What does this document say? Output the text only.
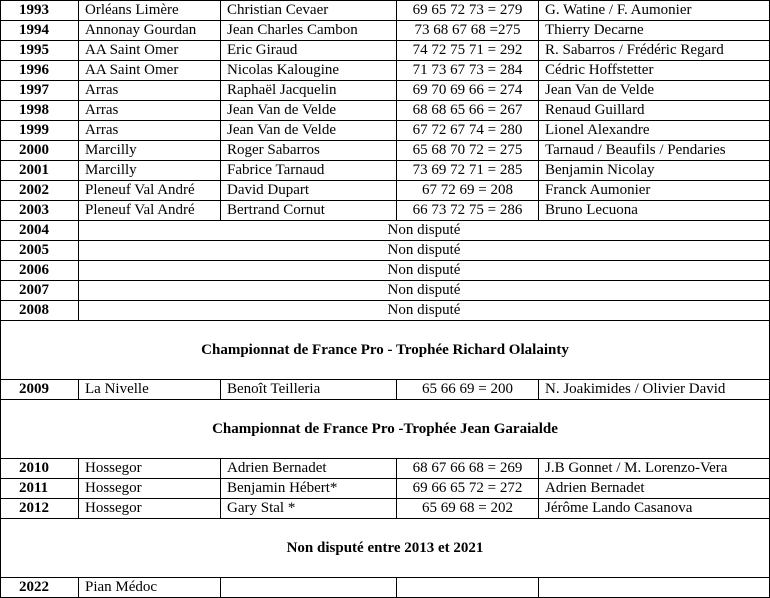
1993	Orléans Limère	Christian Cevaer	69 65 72 73 = 279	G. Watine / F. Aumonier
1994	Annonay Gourdan	Jean Charles Cambon	73 68 67 68 =275	Thierry Decarne
1995	AA Saint Omer	Eric Giraud	74 72 75 71 = 292	R. Sabarros / Frédéric Regard
1996	AA Saint Omer	Nicolas Kalougine	71 73 67 73 = 284	Cédric Hoffstetter
1997	Arras	Raphaël Jacquelin	69 70 69 66 = 274	Jean Van de Velde
1998	Arras	Jean Van de Velde	68 68 65 66 = 267	Renaud Guillard
1999	Arras	Jean Van de Velde	67 72 67 74 = 280	Lionel Alexandre
2000	Marcilly	Roger Sabarros	65 68 70 72 = 275	Tarnaud / Beaufils / Pendaries
2001	Marcilly	Fabrice Tarnaud	73 69 72 71 = 285	Benjamin Nicolay
2002	Pleneuf Val André	David Dupart	67 72 69 = 208	Franck Aumonier
2003	Pleneuf Val André	Bertrand Cornut	66 73 72 75 = 286	Bruno Lecuona
2004	Non disputé			
2005	Non disputé			
2006	Non disputé			
2007	Non disputé			
2008	Non disputé			
Championnat de France Pro - Trophée Richard Olalainty				
2009	La Nivelle	Benoît Teilleria	65 66 69 = 200	N. Joakimides / Olivier David
Championnat de France Pro -Trophée Jean Garaialde				
2010	Hossegor	Adrien Bernadet	68 67 66 68 = 269	J.B Gonnet / M. Lorenzo-Vera
2011	Hossegor	Benjamin Hébert*	69 66 65 72 = 272	Adrien Bernadet
2012	Hossegor	Gary Stal *	65 69 68 = 202	Jérôme Lando Casanova
Non disputé entre 2013 et 2021				
2022	Pian Médoc			
